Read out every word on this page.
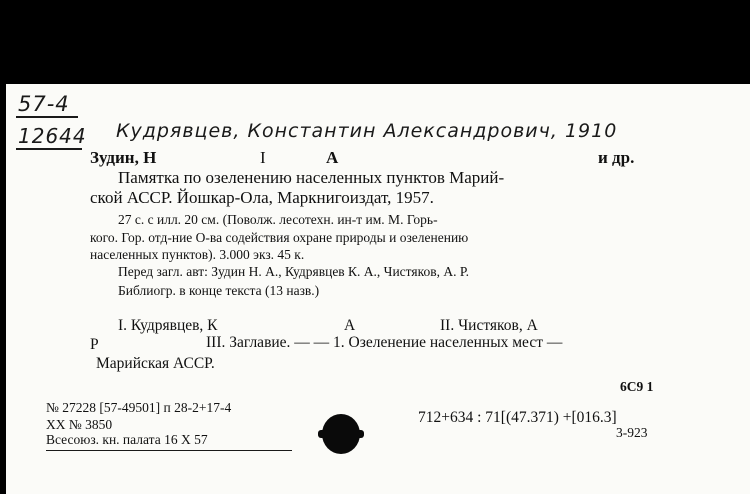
57-4
12644 Кудрявцев, Константин Александрович, 1910
Зудин, Н	І	А	и др.
Памятка по озеленению населенных пунктов Марий-
ской АССР. Йошкар-Ола, Маркнигоиздат, 1957.
27 с. с илл. 20 см. (Поволж. лесотехн. ин-т им. М. Горь-
кого. Гор. отд-ние О-ва содействия охране природы и озеленению
населенных пунктов). 3.000 экз. 45 к.
Перед загл. авт: Зудин Н. А., Кудрявцев К. А., Чистяков, А. Р.
Библиогр. в конце текста (13 назв.)
I. Кудрявцев, К	А	II. Чистяков, А
Р	III. Заглавие. — — 1. Озеленение населенных мест —
Марийская АССР.
№ 27228 [57-49501] п 28-2+17-4
XX № 3850
Всесоюз. кн. палата 16 X 57
6С9 1
712+634 : 71[(47.371) +[016.3]
3-923
